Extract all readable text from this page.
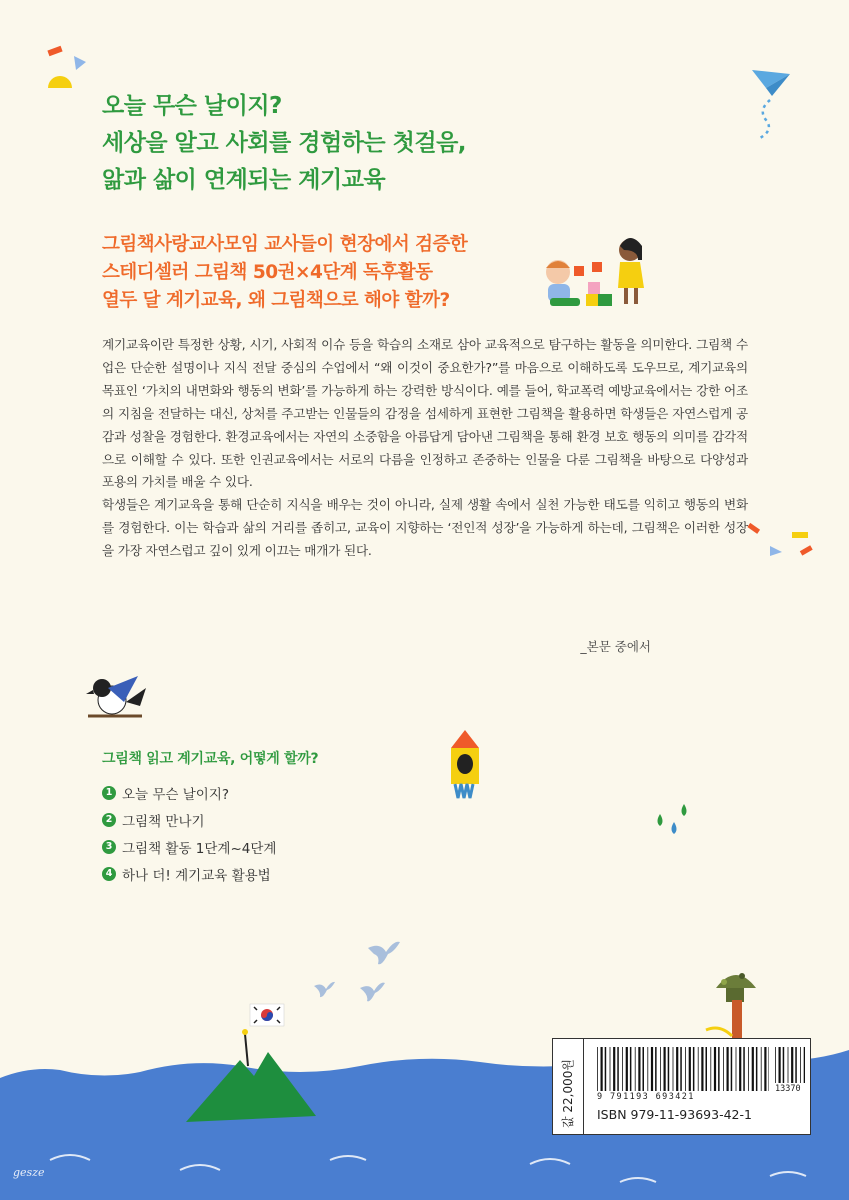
오늘 무슨 날이지?
세상을 알고 사회를 경험하는 첫걸음,
앎과 삶이 연계되는 계기교육
그림책사랑교사모임 교사들이 현장에서 검증한
스테디셀러 그림책 50권×4단계 독후활동
열두 달 계기교육, 왜 그림책으로 해야 할까?

계기교육이란 특정한 상황, 시기, 사회적 이슈 등을 학습의 소재로 삼아 교육적으로 탐구하는 활동을 의미한다. 그림책 수업은 단순한 설명이나 지식 전달 중심의 수업에서 “왜 이것이 중요한가?”를 마음으로 이해하도록 도우므로, 계기교육의 목표인 ‘가치의 내면화와 행동의 변화’를 가능하게 하는 강력한 방식이다. 예를 들어, 학교폭력 예방교육에서는 강한 어조의 지침을 전달하는 대신, 상처를 주고받는 인물들의 감정을 섬세하게 표현한 그림책을 활용하면 학생들은 자연스럽게 공감과 성찰을 경험한다. 환경교육에서는 자연의 소중함을 아름답게 담아낸 그림책을 통해 환경 보호 행동의 의미를 감각적으로 이해할 수 있다. 또한 인권교육에서는 서로의 다름을 인정하고 존중하는 인물을 다룬 그림책을 바탕으로 다양성과 포용의 가치를 배울 수 있다.

학생들은 계기교육을 통해 단순히 지식을 배우는 것이 아니라, 실제 생활 속에서 실천 가능한 태도를 익히고 행동의 변화를 경험한다. 이는 학습과 삶의 거리를 좁히고, 교육이 지향하는 ‘전인적 성장’을 가능하게 하는데, 그림책은 이러한 성장을 가장 자연스럽고 깊이 있게 이끄는 매개가 된다.

_본문 중에서
그림책 읽고 계기교육, 어떻게 할까?
1 오늘 무슨 날이지?
2 그림책 만나기
3 그림책 활동 1단계~4단계
4 하나 더! 계기교육 활용법
값 22,000원	9 791193 693421
13370
ISBN 979-11-93693-42-1
gesze
